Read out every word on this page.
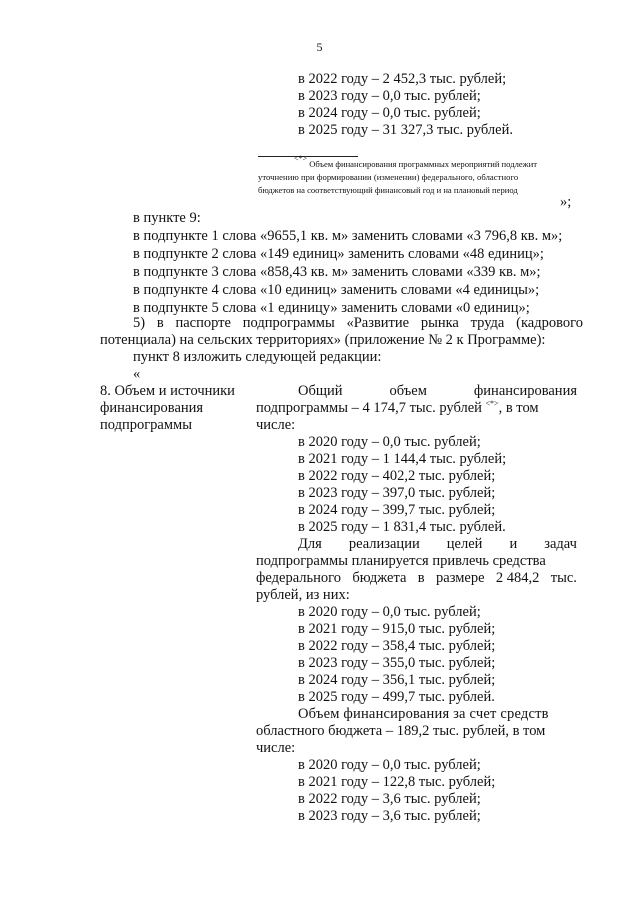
5
в 2022 году – 2 452,3 тыс. рублей;
в 2023 году – 0,0 тыс. рублей;
в 2024 году – 0,0 тыс. рублей;
в 2025 году – 31 327,3 тыс. рублей.
<*> Объем финансирования программных мероприятий подлежит
уточнению при формировании (изменении) федерального, областного
бюджетов на соответствующий финансовый год и на плановый период
»;
в пункте 9:
в подпункте 1 слова «9655,1 кв. м» заменить словами «3 796,8 кв. м»;
в подпункте 2 слова «149 единиц» заменить словами «48 единиц»;
в подпункте 3 слова «858,43 кв. м» заменить словами «339 кв. м»;
в подпункте 4 слова «10 единиц» заменить словами «4 единицы»;
в подпункте 5 слова «1 единицу» заменить словами «0 единиц»;
5) в паспорте подпрограммы «Развитие рынка труда (кадрового
потенциала) на сельских территориях» (приложение № 2 к Программе):
пункт 8 изложить следующей редакции:
«
8. Объем и источники
финансирования
подпрограммы
Общий	объем	финансирования
подпрограммы – 4 174,7 тыс. рублей <*>, в том
числе:
в 2020 году – 0,0 тыс. рублей;
в 2021 году – 1 144,4 тыс. рублей;
в 2022 году – 402,2 тыс. рублей;
в 2023 году – 397,0 тыс. рублей;
в 2024 году – 399,7 тыс. рублей;
в 2025 году – 1 831,4 тыс. рублей.
Для реализации целей и задач
подпрограммы планируется привлечь средства
федерального бюджета в размере 2 484,2 тыс.
рублей, из них:
в 2020 году – 0,0 тыс. рублей;
в 2021 году – 915,0 тыс. рублей;
в 2022 году – 358,4 тыс. рублей;
в 2023 году – 355,0 тыс. рублей;
в 2024 году – 356,1 тыс. рублей;
в 2025 году – 499,7 тыс. рублей.
Объем финансирования за счет средств
областного бюджета – 189,2 тыс. рублей, в том
числе:
в 2020 году – 0,0 тыс. рублей;
в 2021 году – 122,8 тыс. рублей;
в 2022 году – 3,6 тыс. рублей;
в 2023 году – 3,6 тыс. рублей;
